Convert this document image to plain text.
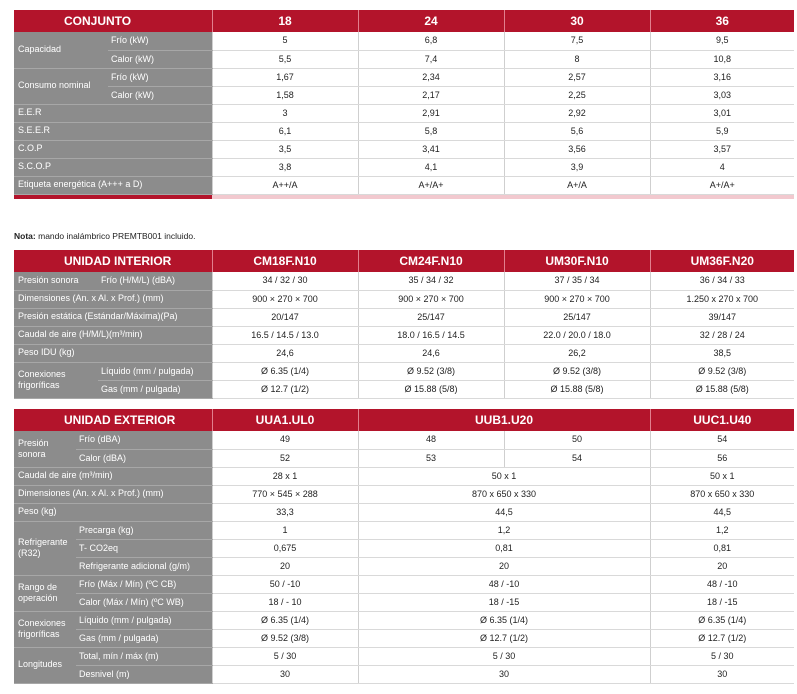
CONJUNTO		18	24	30	36
Capacidad	Frío (kW)	5	6,8	7,5	9,5
	Calor (kW)	5,5	7,4	8	10,8
Consumo nominal	Frío (kW)	1,67	2,34	2,57	3,16
	Calor (kW)	1,58	2,17	2,25	3,03
E.E.R		3	2,91	2,92	3,01
S.E.E.R		6,1	5,8	5,6	5,9
C.O.P		3,5	3,41	3,56	3,57
S.C.O.P		3,8	4,1	3,9	4
Etiqueta energética (A+++ a D)		A++/A	A+/A+	A+/A	A+/A+

Nota: mando inalámbrico PREMTB001 incluido.
UNIDAD INTERIOR		CM18F.N10	CM24F.N10	UM30F.N10	UM36F.N20
Presión sonora	Frío (H/M/L) (dBA)	34 / 32 / 30	35 / 34 / 32	37 / 35 / 34	36 / 34 / 33
Dimensiones (An. x Al. x Prof.) (mm)		900 × 270 × 700	900 × 270 × 700	900 × 270 × 700	1.250 x 270 x 700
Presión estática (Estándar/Máxima)(Pa)		20/147	25/147	25/147	39/147
Caudal de aire (H/M/L)(m³/min)		16.5 / 14.5 / 13.0	18.0 / 16.5 / 14.5	22.0 / 20.0 / 18.0	32 / 28 / 24
Peso IDU (kg)		24,6	24,6	26,2	38,5
Conexiones frigoríficas	Líquido (mm / pulgada)	Ø 6.35 (1/4)	Ø 9.52 (3/8)	Ø 9.52 (3/8)	Ø 9.52 (3/8)
	Gas (mm / pulgada)	Ø 12.7 (1/2)	Ø 15.88 (5/8)	Ø 15.88 (5/8)	Ø 15.88 (5/8)
UNIDAD EXTERIOR		UUA1.UL0	UUB1.U20		UUC1.U40
Presión sonora	Frío (dBA)	49	48	50	54
	Calor (dBA)	52	53	54	56
Caudal de aire (m³/min)		28 x 1	50 x 1		50 x 1
Dimensiones (An. x Al. x Prof.) (mm)		770 × 545 × 288	870 x 650 x 330		870 x 650 x 330
Peso (kg)		33,3	44,5		44,5
Refrigerante (R32)	Precarga (kg)	1	1,2		1,2
	T- CO2eq	0,675	0,81		0,81
	Refrigerante adicional (g/m)	20	20		20
Rango de operación	Frío (Máx / Mín) (ºC CB)	50 / -10	48 / -10		48 / -10
	Calor (Máx / Mín) (ºC WB)	18 / - 10	18 / -15		18 / -15
Conexiones frigoríficas	Líquido (mm / pulgada)	Ø 6.35 (1/4)	Ø 6.35 (1/4)		Ø 6.35 (1/4)
	Gas (mm / pulgada)	Ø 9.52 (3/8)	Ø 12.7 (1/2)		Ø 12.7 (1/2)
Longitudes	Total, mín / máx (m)	5 / 30	5 / 30		5 / 30
	Desnivel (m)	30	30		30
